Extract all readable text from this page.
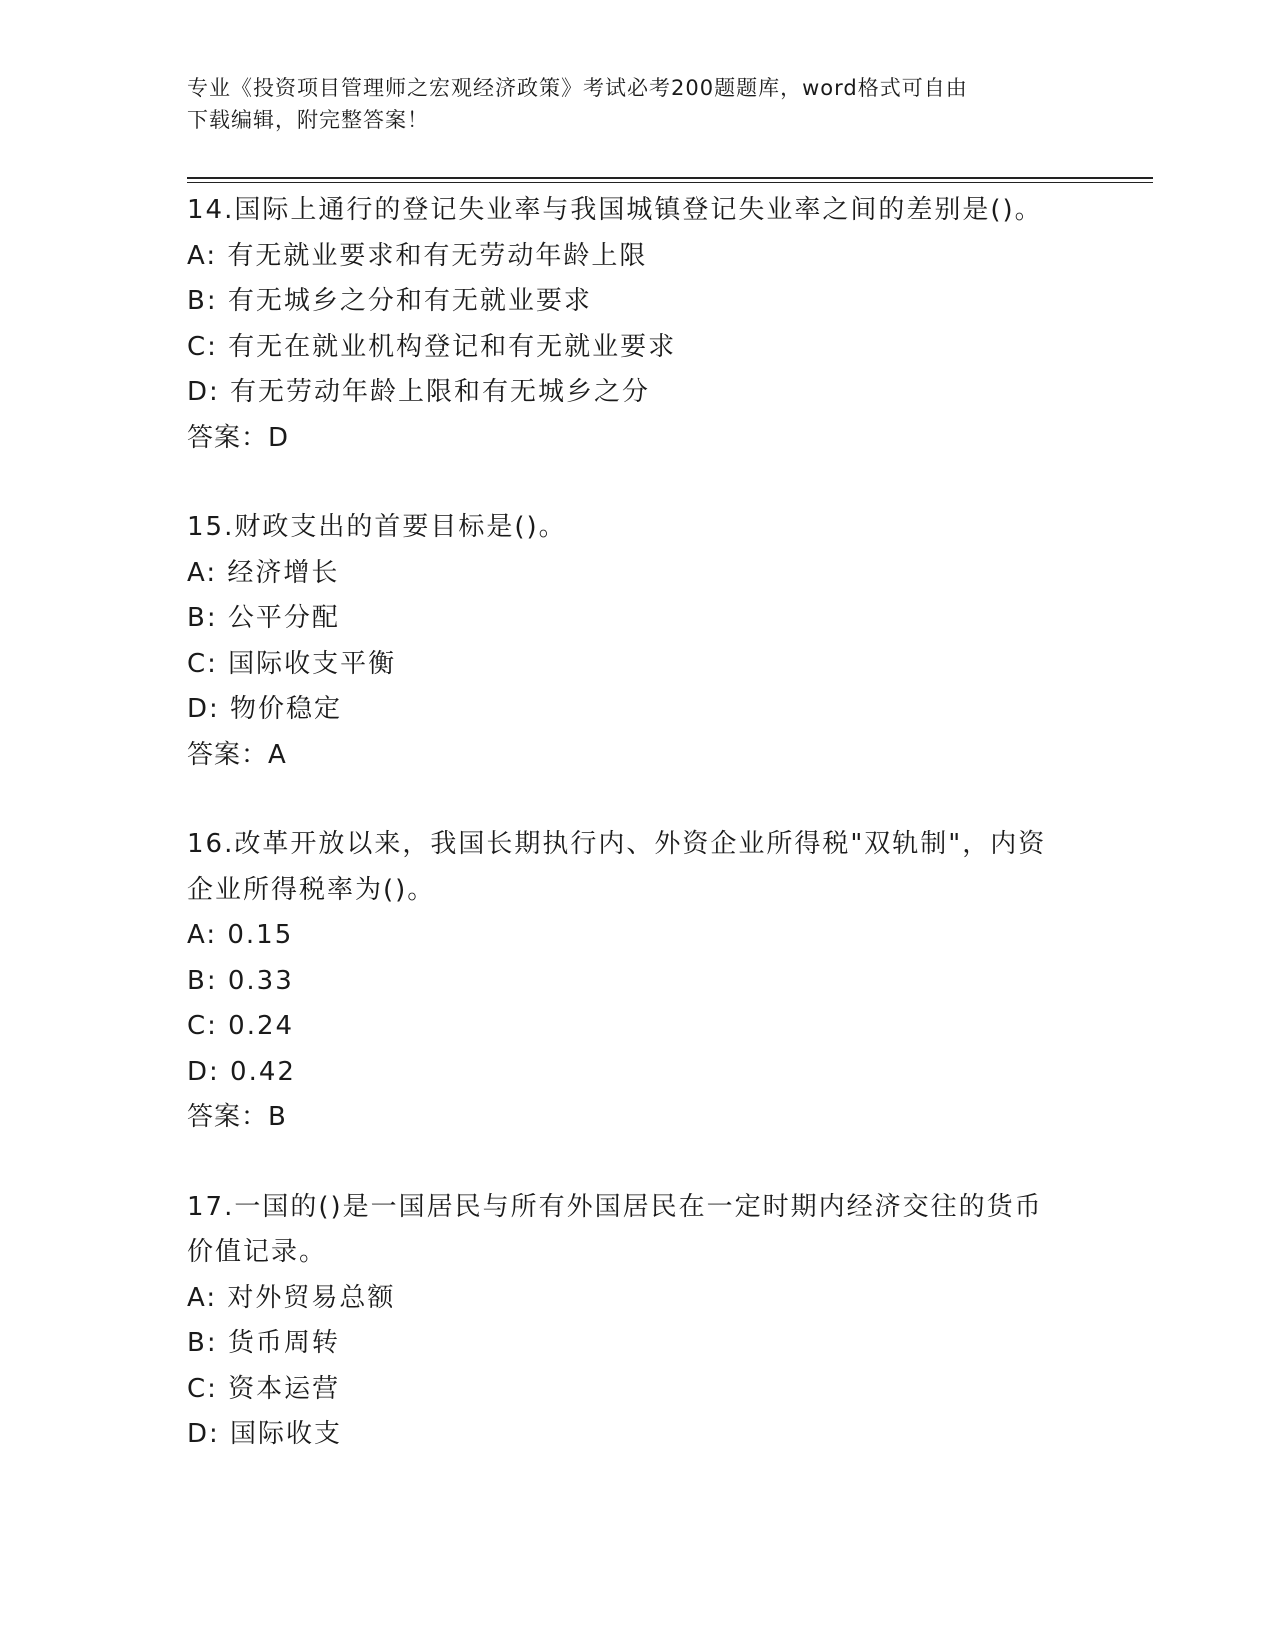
专业《投资项目管理师之宏观经济政策》考试必考200题题库，word格式可自由
下载编辑，附完整答案！

14.国际上通行的登记失业率与我国城镇登记失业率之间的差别是()。

A: 有无就业要求和有无劳动年龄上限

B: 有无城乡之分和有无就业要求

C: 有无在就业机构登记和有无就业要求

D: 有无劳动年龄上限和有无城乡之分

答案：D

15.财政支出的首要目标是()。

A: 经济增长

B: 公平分配

C: 国际收支平衡

D: 物价稳定

答案：A

16.改革开放以来，我国长期执行内、外资企业所得税"双轨制"，内资

企业所得税率为()。

A: 0.15

B: 0.33

C: 0.24

D: 0.42

答案：B

17.一国的()是一国居民与所有外国居民在一定时期内经济交往的货币

价值记录。

A: 对外贸易总额

B: 货币周转

C: 资本运营

D: 国际收支
